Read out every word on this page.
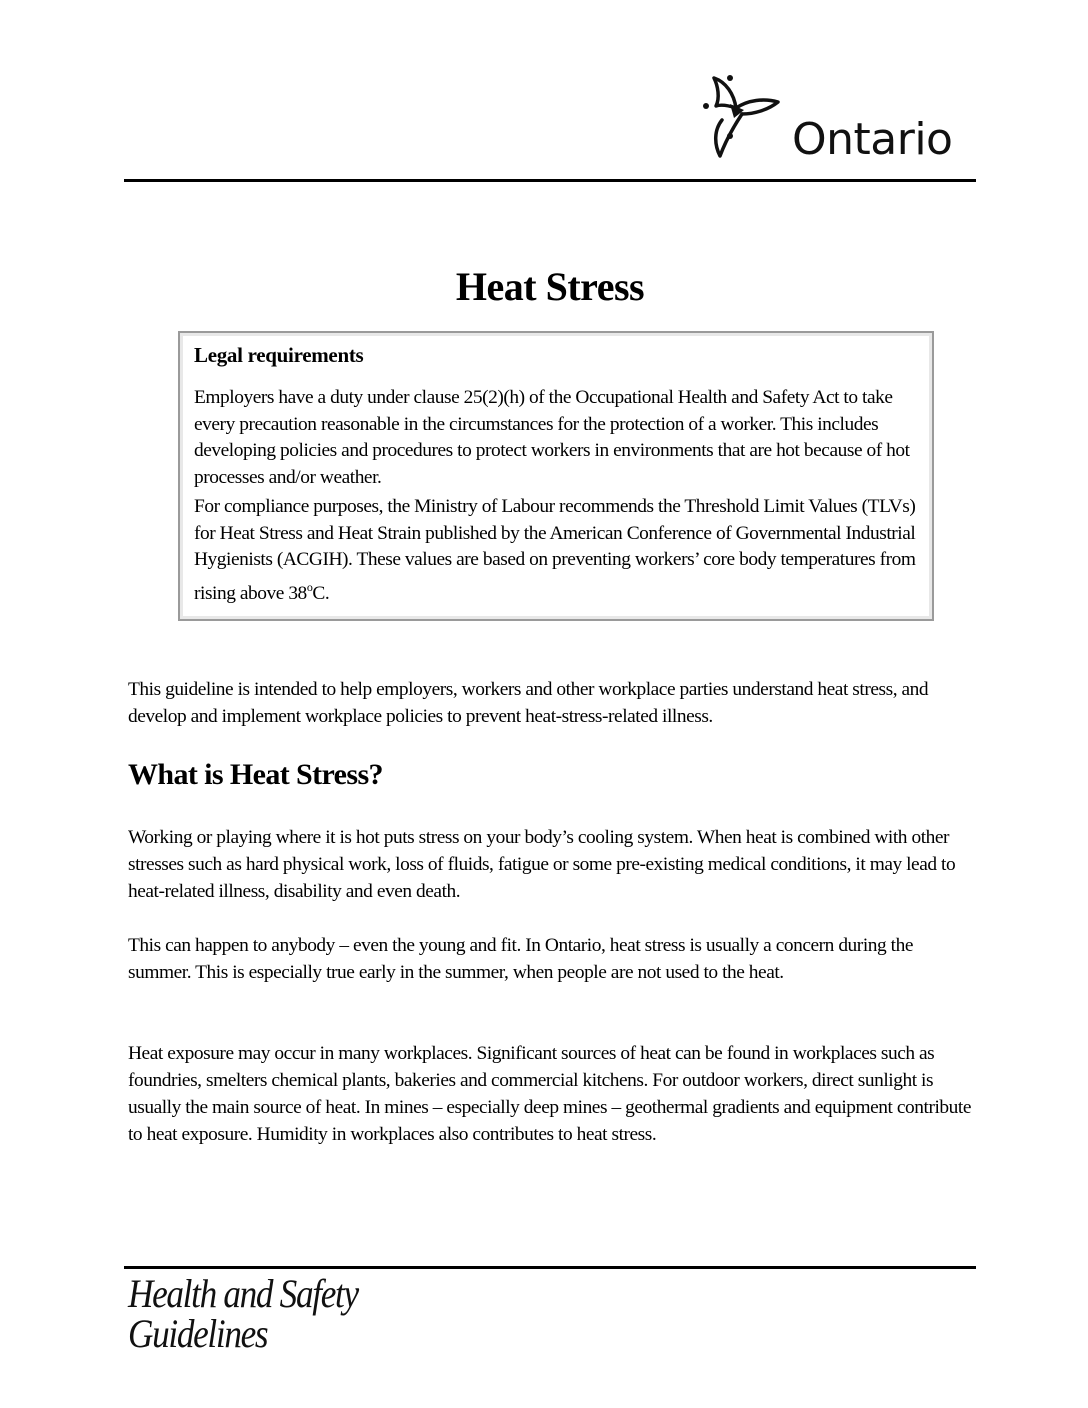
Ontario
Heat Stress
Legal requirements

Employers have a duty under clause 25(2)(h) of the Occupational Health and Safety Act to take every precaution reasonable in the circumstances for the protection of a worker. This includes developing policies and procedures to protect workers in environments that are hot because of hot processes and/or weather.

For compliance purposes, the Ministry of Labour recommends the Threshold Limit Values (TLVs) for Heat Stress and Heat Strain published by the American Conference of Governmental Industrial Hygienists (ACGIH). These values are based on preventing workers’ core body temperatures from rising above 38$^o$C.

This guideline is intended to help employers, workers and other workplace parties understand heat stress, and develop and implement workplace policies to prevent heat-stress-related illness.

What is Heat Stress?

Working or playing where it is hot puts stress on your body’s cooling system. When heat is combined with other stresses such as hard physical work, loss of fluids, fatigue or some pre-existing medical conditions, it may lead to heat-related illness, disability and even death.

This can happen to anybody – even the young and fit. In Ontario, heat stress is usually a concern during the summer. This is especially true early in the summer, when people are not used to the heat.

Heat exposure may occur in many workplaces. Significant sources of heat can be found in workplaces such as foundries, smelters chemical plants, bakeries and commercial kitchens. For outdoor workers, direct sunlight is usually the main source of heat. In mines – especially deep mines – geothermal gradients and equipment contribute to heat exposure. Humidity in workplaces also contributes to heat stress.

Health and Safety
Guidelines
